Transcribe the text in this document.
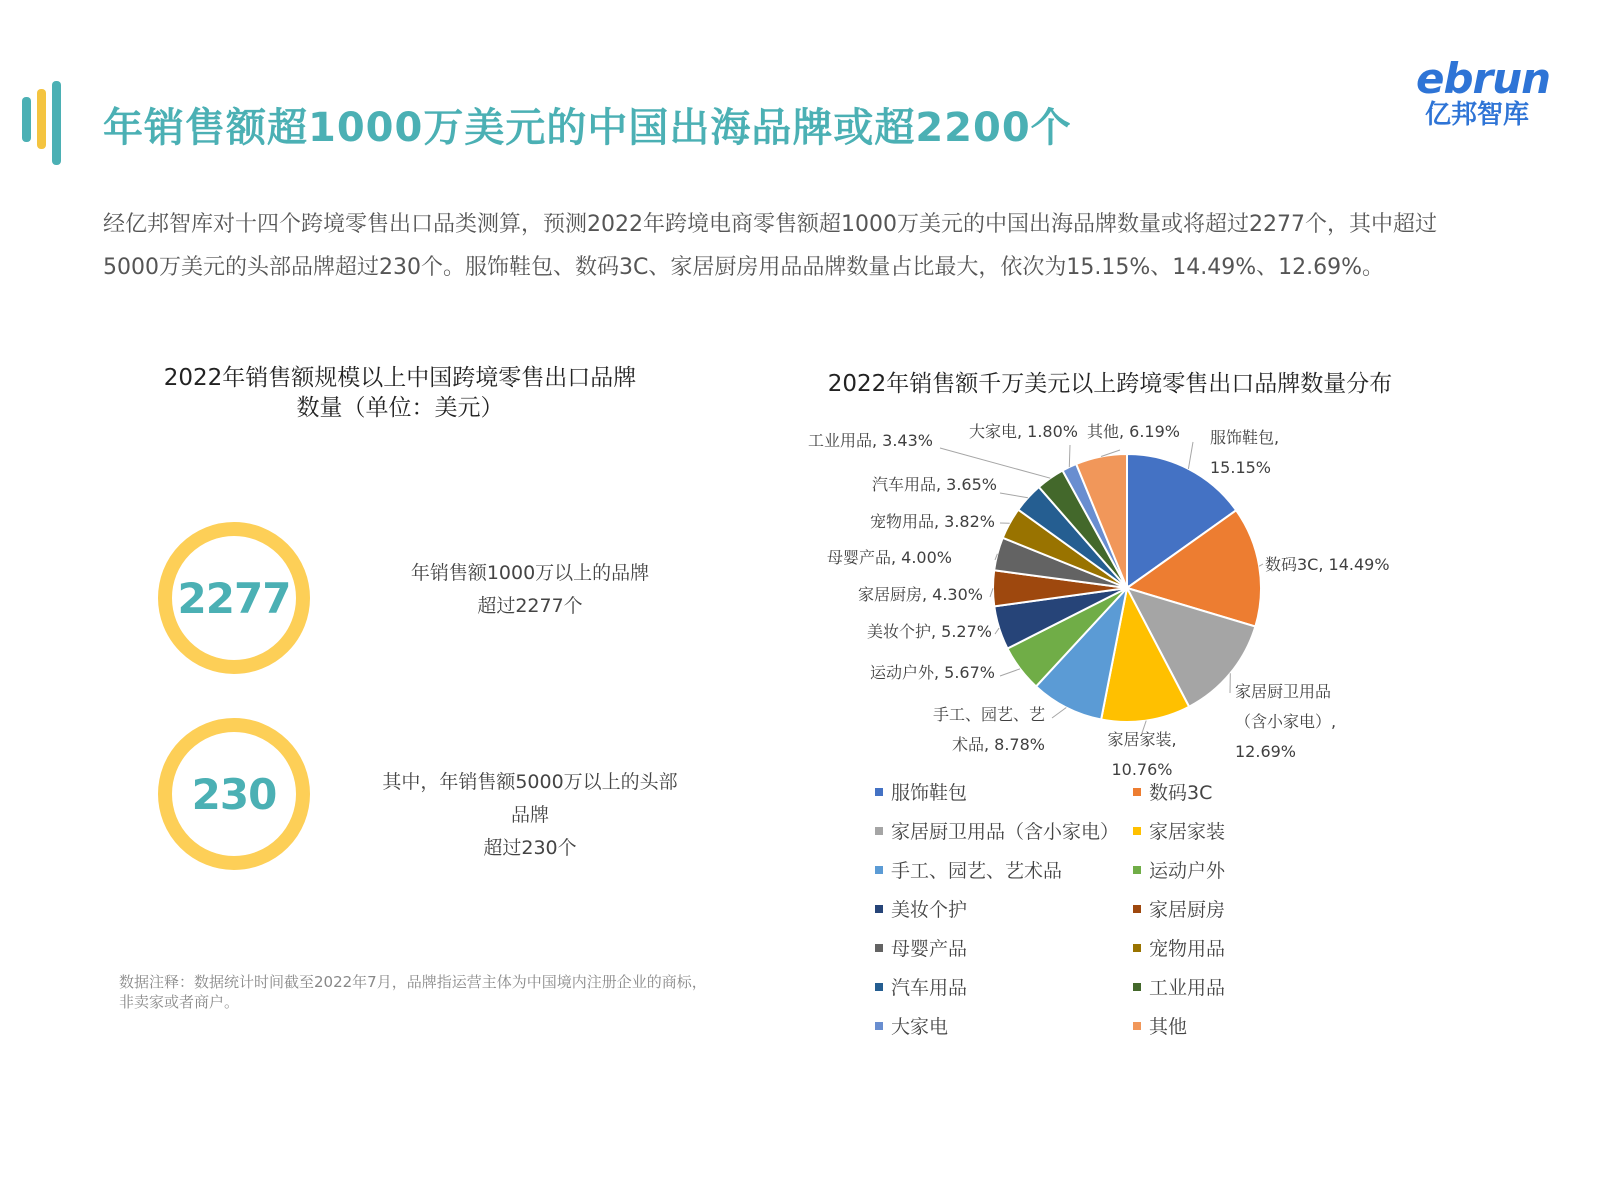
年销售额超1000万美元的中国出海品牌或超2200个
ebrun
亿邦智库
经亿邦智库对十四个跨境零售出口品类测算，预测2022年跨境电商零售额超1000万美元的中国出海品牌数量或将超过2277个，其中超过
5000万美元的头部品牌超过230个。服饰鞋包、数码3C、家居厨房用品品牌数量占比最大，依次为15.15%、14.49%、12.69%。
2022年销售额规模以上中国跨境零售出口品牌
数量（单位：美元）
2277
年销售额1000万以上的品牌
超过2277个
230	其中，年销售额5000万以上的头部
品牌
超过230个
数据注释：数据统计时间截至2022年7月，品牌指运营主体为中国境内注册企业的商标，
非卖家或者商户。
2022年销售额千万美元以上跨境零售出口品牌数量分布
服饰鞋包, 15.15%
数码3C, 14.49%
家居厨卫用品（含小家电）, 12.69%
家居家装, 10.76%
手工、园艺、艺术品, 8.78%
运动户外, 5.67%
美妆个护, 5.27%
家居厨房, 4.30%
母婴产品, 4.00%
宠物用品, 3.82%
汽车用品, 3.65%
工业用品, 3.43% 大家电, 1.80% 其他, 6.19%
服饰鞋包	数码3C
家居厨卫用品（含小家电） 家居家装
手工、园艺、艺术品	运动户外
美妆个护	家居厨房
母婴产品	宠物用品
汽车用品	工业用品
大家电	其他
